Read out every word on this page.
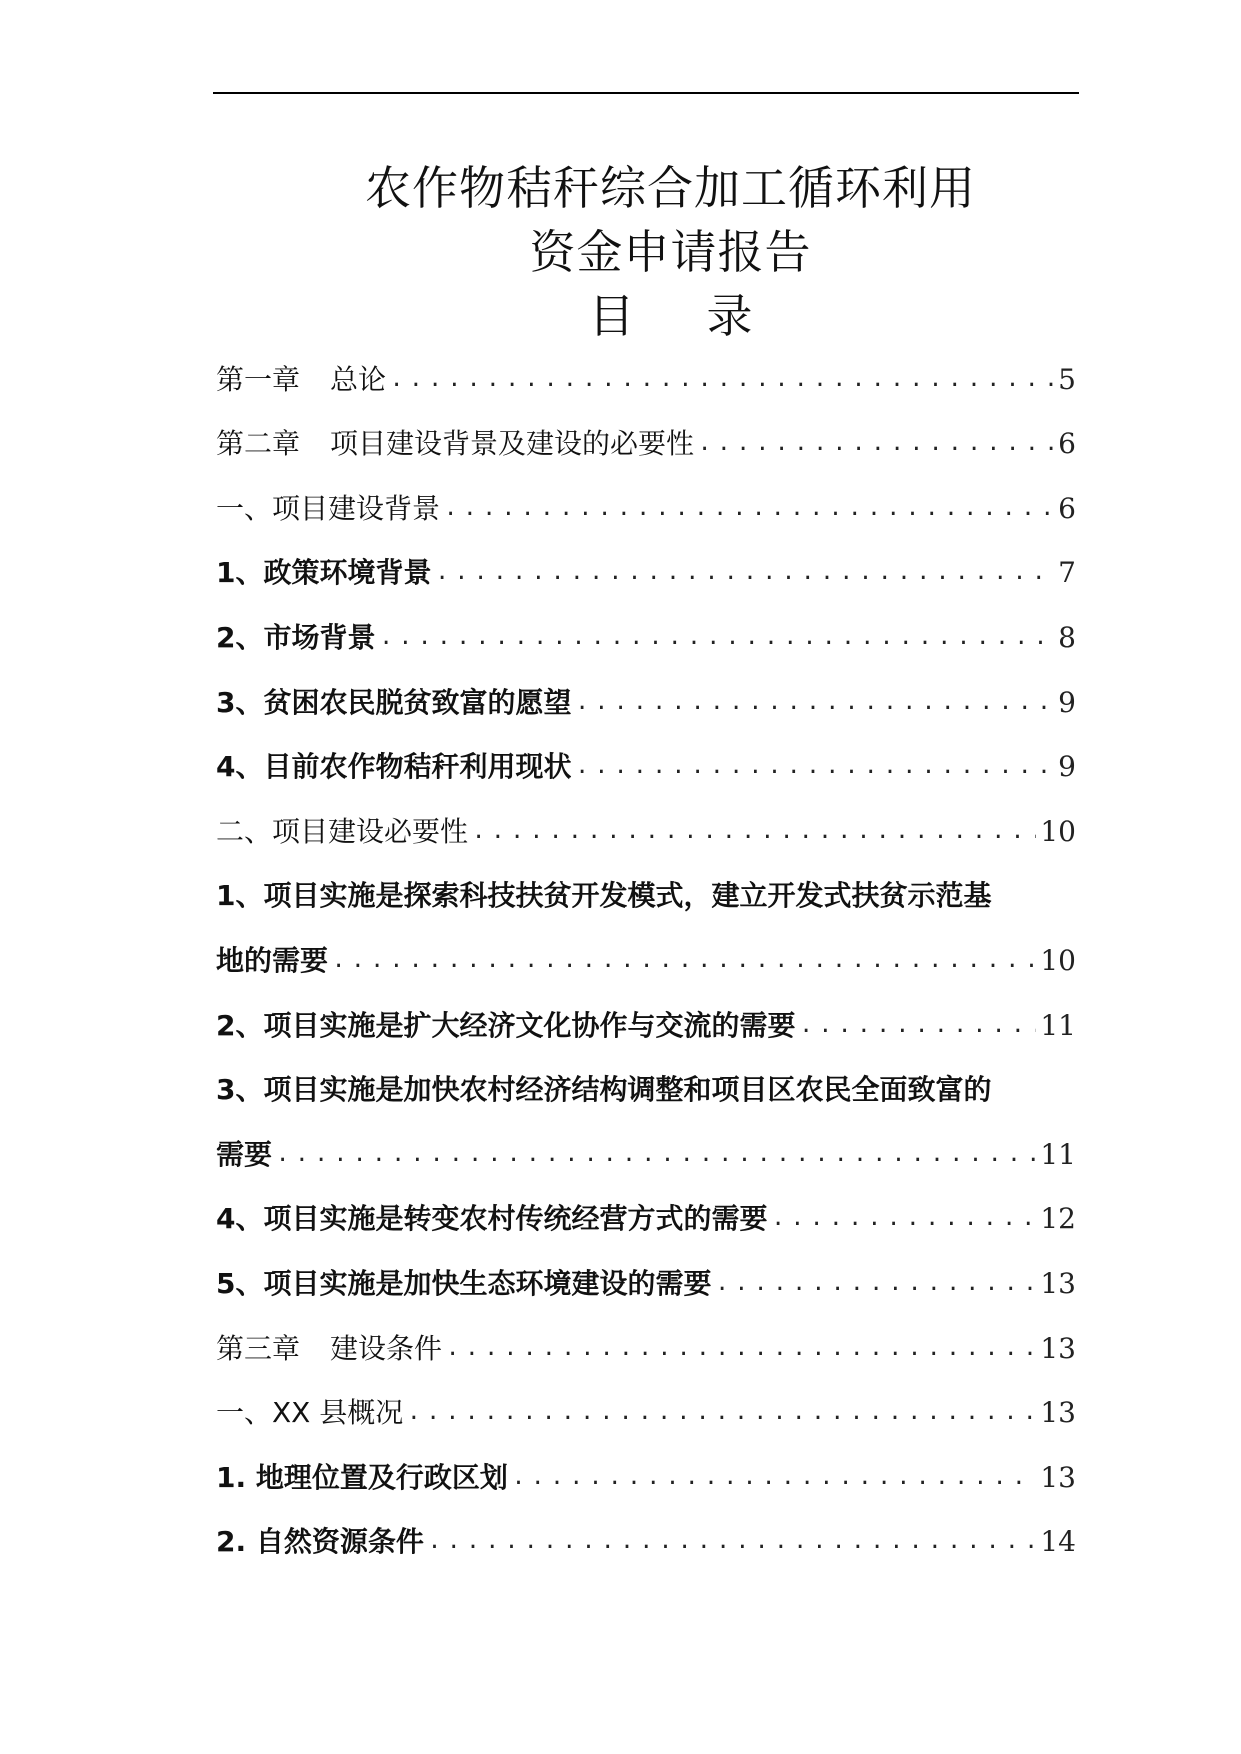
农作物秸秆综合加工循环利用
资金申请报告
目 录
第一章 总论 .....	5
第二章 项目建设背景及建设的必要性 .....	6
一、项目建设背景 .....	6
1、政策环境背景 .....	7
2、市场背景 .....	8
3、贫困农民脱贫致富的愿望 .....	9
4、目前农作物秸秆利用现状 .....	9
二、项目建设必要性 .....	10
1、项目实施是探索科技扶贫开发模式，建立开发式扶贫示范基
地的需要 .....	10
2、项目实施是扩大经济文化协作与交流的需要 .....	11
3、项目实施是加快农村经济结构调整和项目区农民全面致富的
需要 .....	11
4、项目实施是转变农村传统经营方式的需要 .....	12
5、项目实施是加快生态环境建设的需要 .....	13
第三章 建设条件 .....	13
一、XX 县概况 .....	13
1. 地理位置及行政区划 .....	13
2. 自然资源条件 .....	14
